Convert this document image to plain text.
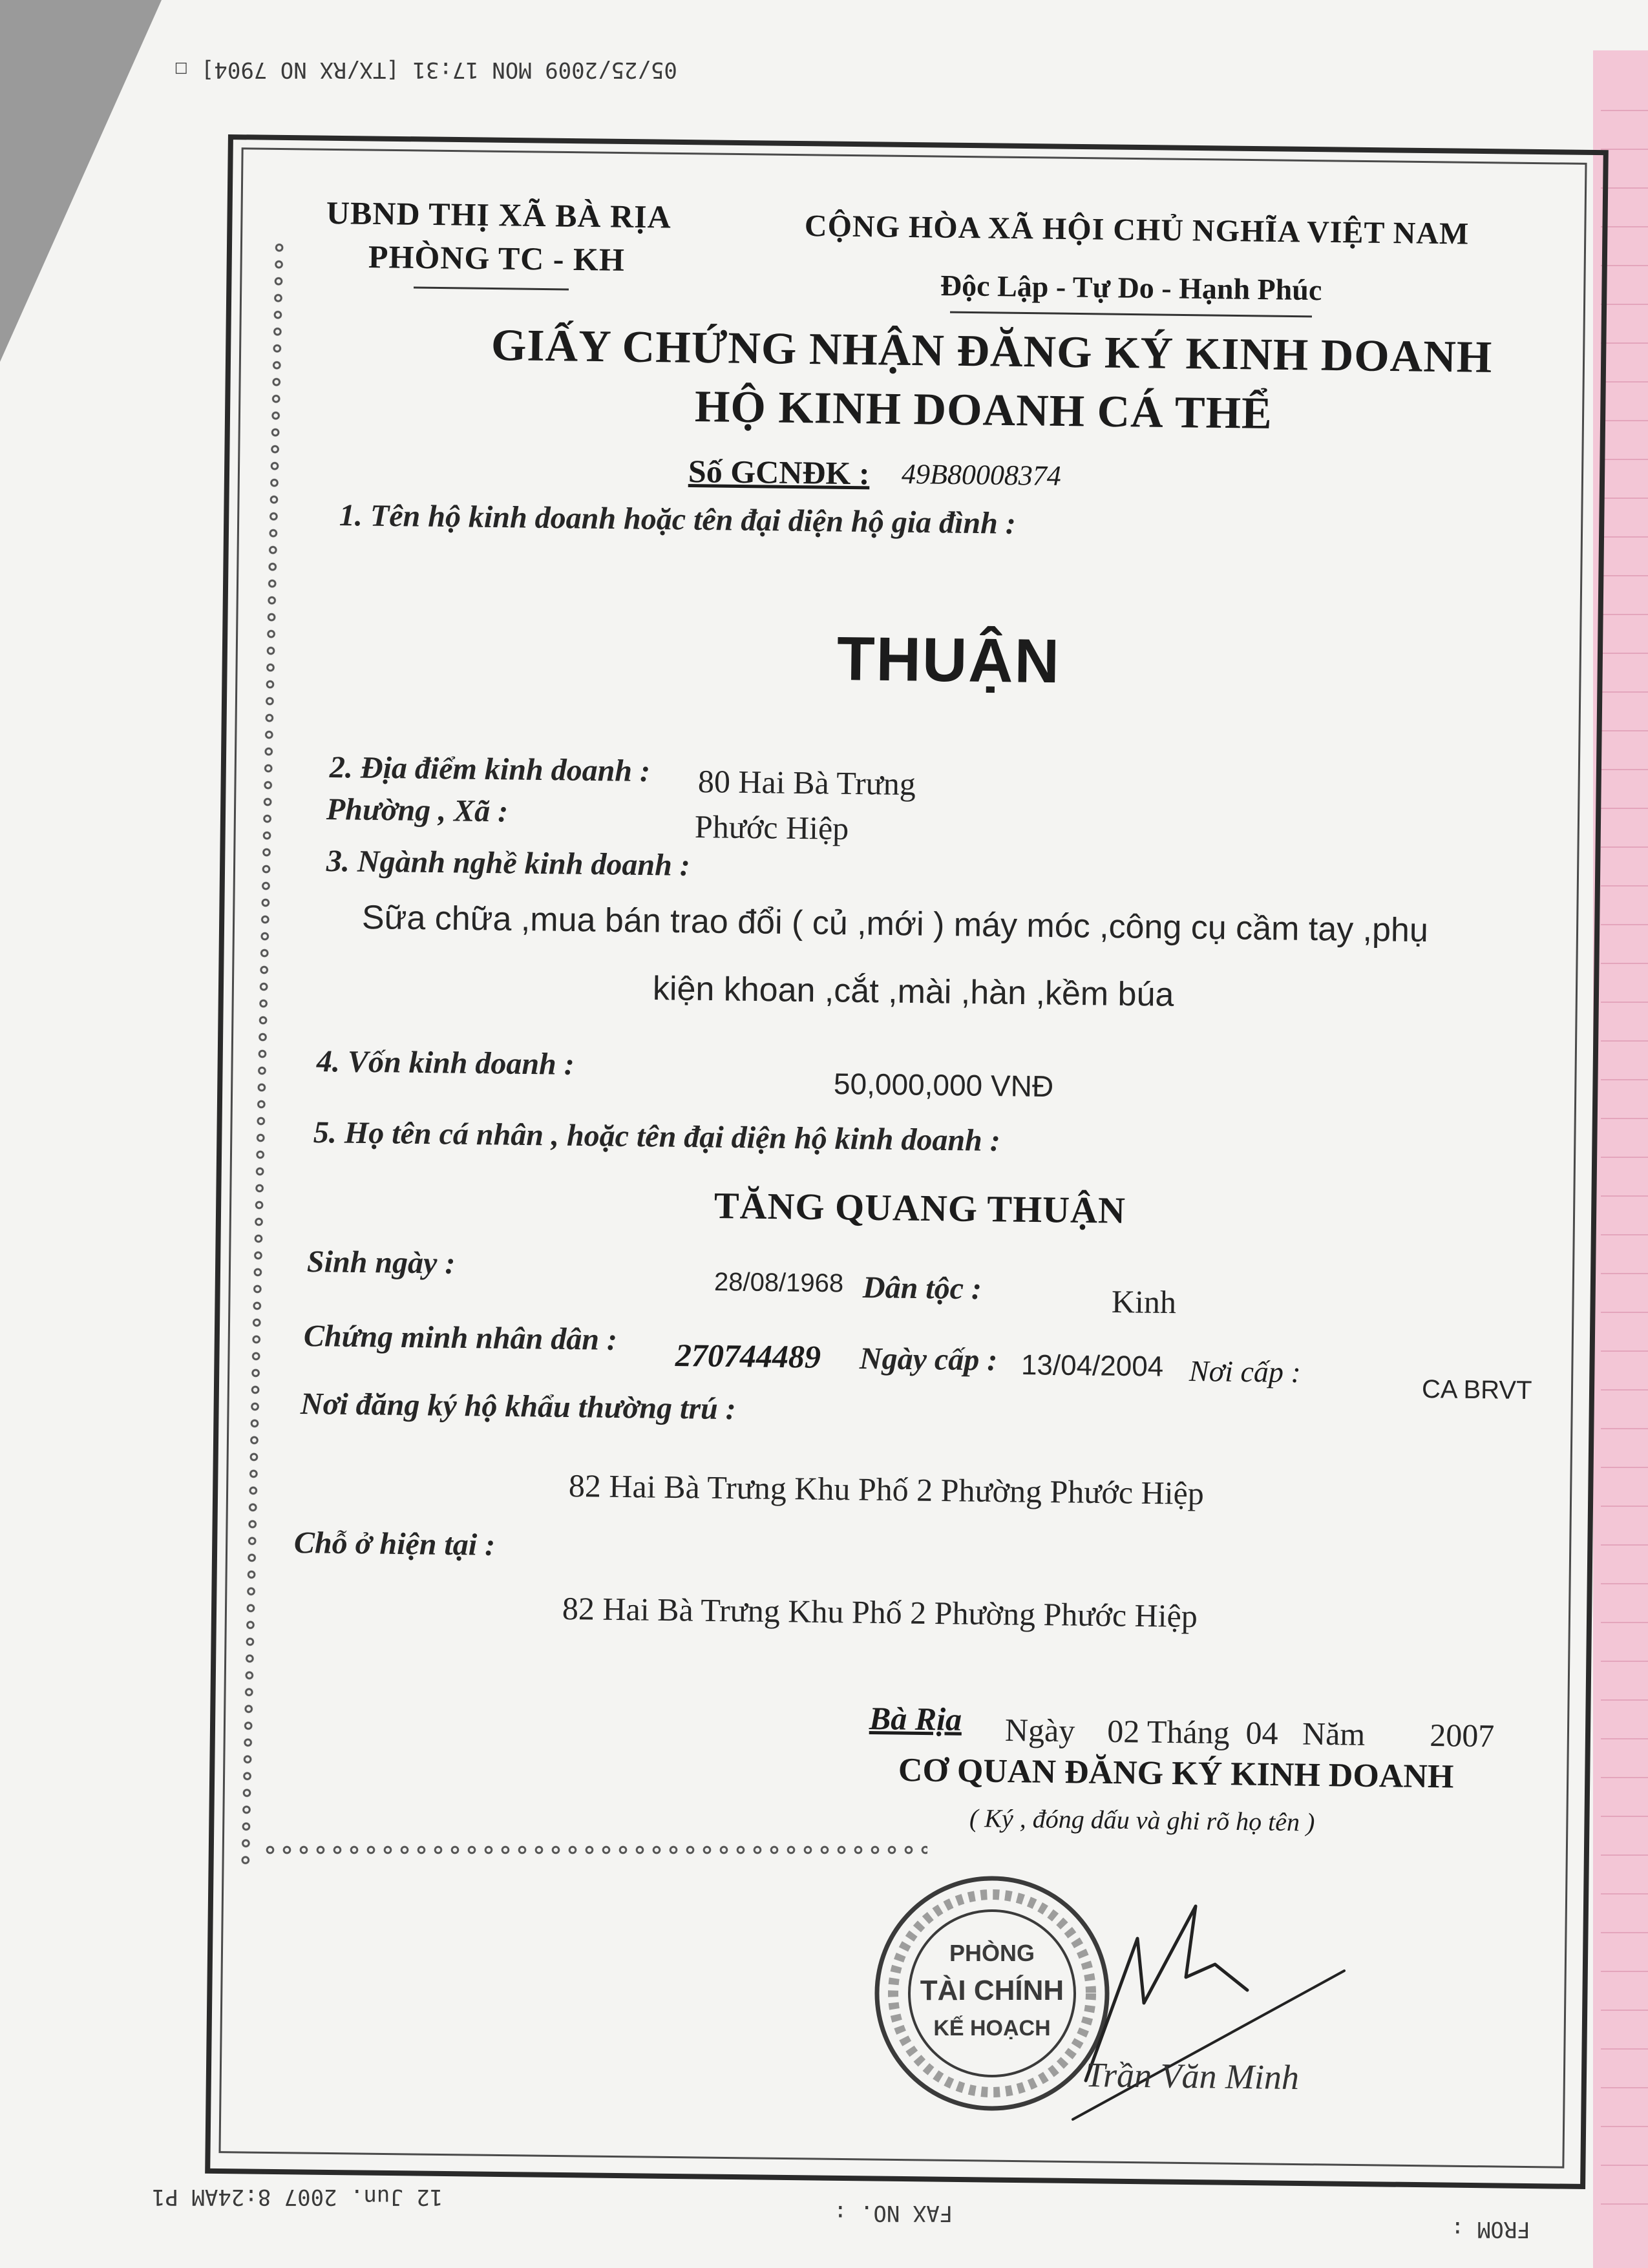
05/25/2009 MON 17:31 [TX/RX NO 7904] ☐
12 Jun. 2007 8:24AM P1
FAX NO. :
FROM :
UBND THỊ XÃ BÀ RỊA
PHÒNG TC - KH
CỘNG HÒA XÃ HỘI CHỦ NGHĨA VIỆT NAM
Độc Lập - Tự Do - Hạnh Phúc
GIẤY CHỨNG NHẬN ĐĂNG KÝ KINH DOANH
HỘ KINH DOANH CÁ THỂ
Số GCNĐK : 49B80008374
1. Tên hộ kinh doanh hoặc tên đại diện hộ gia đình :
THUẬN
2. Địa điểm kinh doanh : 80 Hai Bà Trưng
Phường , Xã :	Phước Hiệp
3. Ngành nghề kinh doanh :
Sữa chữa ,mua bán trao đổi ( củ ,mới ) máy móc ,công cụ cầm tay ,phụ
kiện khoan ,cắt ,mài ,hàn ,kềm búa
4. Vốn kinh doanh :
50,000,000 VNĐ
5. Họ tên cá nhân , hoặc tên đại diện hộ kinh doanh :
TĂNG QUANG THUẬN
Sinh ngày :
28/08/1968 Dân tộc :	Kinh
Chứng minh nhân dân : 270744489 Ngày cấp : 13/04/2004 Nơi cấp :
CA BRVT
Nơi đăng ký hộ khẩu thường trú :
82 Hai Bà Trưng Khu Phố 2 Phường Phước Hiệp
Chỗ ở hiện tại :
82 Hai Bà Trưng Khu Phố 2 Phường Phước Hiệp
Bà Rịa Ngày    02 Tháng  04   Năm        2007
CƠ QUAN ĐĂNG KÝ KINH DOANH
( Ký , đóng dấu và ghi rõ họ tên )
PHÒNG
TÀI CHÍNH
KẾ HOẠCH
Trần Văn Minh
